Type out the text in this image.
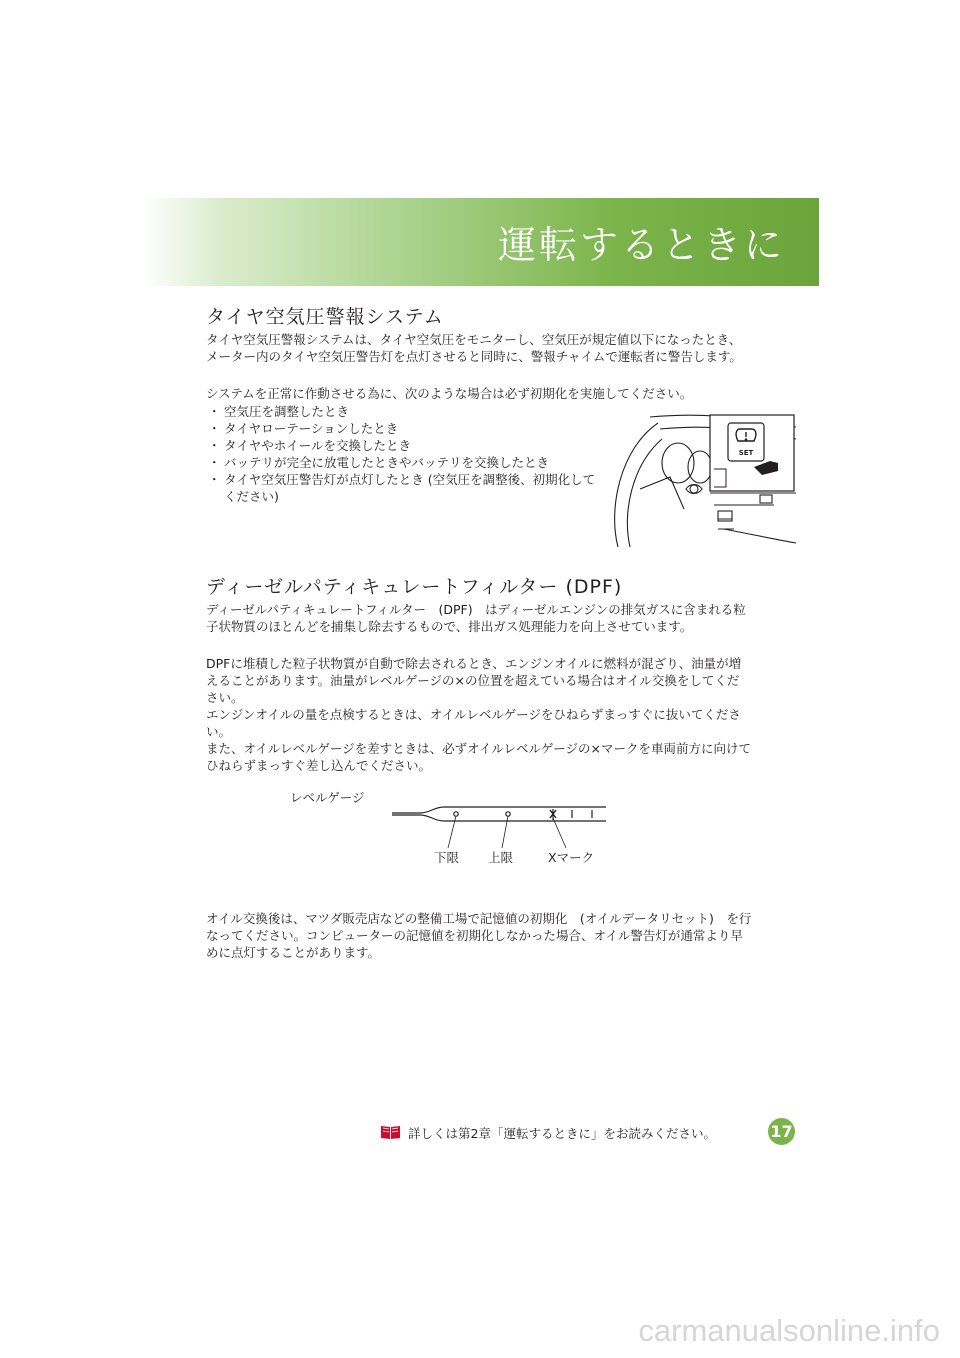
運転するときに
タイヤ空気圧警報システム

タイヤ空気圧警報システムは、タイヤ空気圧をモニターし、空気圧が規定値以下になったとき、

メーター内のタイヤ空気圧警告灯を点灯させると同時に、警報チャイムで運転者に警告します。

システムを正常に作動させる為に、次のような場合は必ず初期化を実施してください。
・ 空気圧を調整したとき
・ タイヤローテーションしたとき
・ タイヤやホイールを交換したとき
・ バッテリが完全に放電したときやバッテリを交換したとき
・ タイヤ空気圧警告灯が点灯したとき (空気圧を調整後、初期化してください)
SET
ディーゼルパティキュレートフィルター (DPF)

ディーゼルパティキュレートフィルター　(DPF)　はディーゼルエンジンの排気ガスに含まれる粒

子状物質のほとんどを捕集し除去するもので、排出ガス処理能力を向上させています。

DPFに堆積した粒子状物質が自動で除去されるとき、エンジンオイルに燃料が混ざり、油量が増

えることがあります。油量がレベルゲージの×の位置を超えている場合はオイル交換をしてくだ

さい。

エンジンオイルの量を点検するときは、オイルレベルゲージをひねらずまっすぐに抜いてくださ

い。

また、オイルレベルゲージを差すときは、必ずオイルレベルゲージの×マークを車両前方に向けて

ひねらずまっすぐ差し込んでください。

レベルゲージ
下限 上限	Xマーク

オイル交換後は、マツダ販売店などの整備工場で記憶値の初期化　(オイルデータリセット)　を行

なってください。コンピューターの記憶値を初期化しなかった場合、オイル警告灯が通常より早

めに点灯することがあります。

詳しくは第2章「運転するときに」をお読みください。	17
carmanualsonline.info
